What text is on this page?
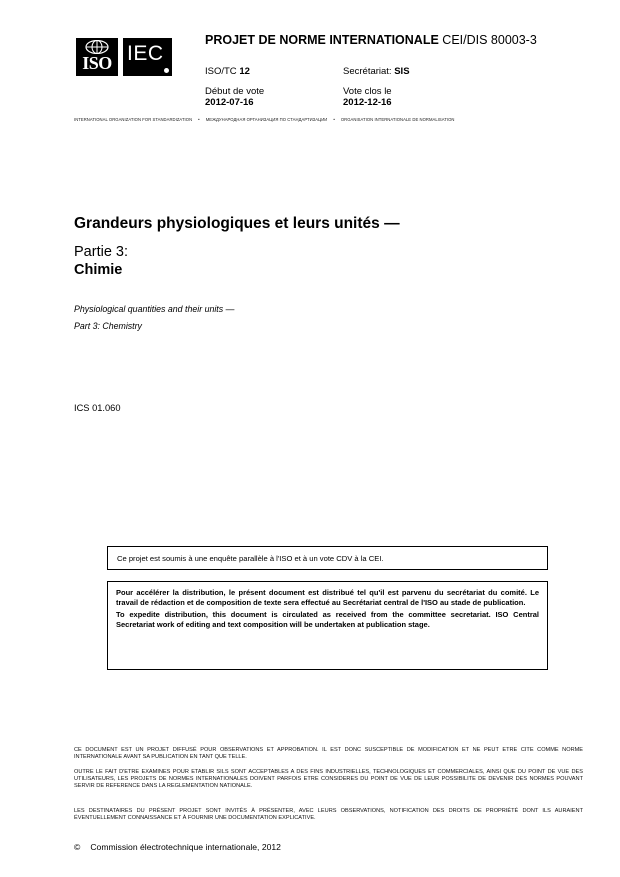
ISO IEC
PROJET DE NORME INTERNATIONALE CEI/DIS 80003-3
ISO/TC 12	Secrétariat: SIS
Début de vote
2012-07-16
Vote clos le
2012-12-16
INTERNATIONAL ORGANIZATION FOR STANDARDIZATION • МЕЖДУНАРОДНАЯ ОРГАНИЗАЦИЯ ПО СТАНДАРТИЗАЦИИ • ORGANISATION INTERNATIONALE DE NORMALISATION
Grandeurs physiologiques et leurs unités —
Partie 3:
Chimie
Physiological quantities and their units —
Part 3: Chemistry
ICS 01.060
Ce projet est soumis à une enquête parallèle à l'ISO et à un vote CDV à la CEI.

Pour accélérer la distribution, le présent document est distribué tel qu'il est parvenu du secrétariat du comité. Le travail de rédaction et de composition de texte sera effectué au Secrétariat central de l'ISO au stade de publication.

To expedite distribution, this document is circulated as received from the committee secretariat. ISO Central Secretariat work of editing and text composition will be undertaken at publication stage.

CE DOCUMENT EST UN PROJET DIFFUSÉ POUR OBSERVATIONS ET APPROBATION. IL EST DONC SUSCEPTIBLE DE MODIFICATION ET NE PEUT ETRE CITE COMME NORME INTERNATIONALE AVANT SA PUBLICATION EN TANT QUE TELLE.
OUTRE LE FAIT D'ETRE EXAMINES POUR ETABLIR SILS SONT ACCEPTABLES A DES FINS INDUSTRIELLES, TECHNOLOGIQUES ET COMMERCIALES, AINSI QUE DU POINT DE VUE DES UTILISATEURS, LES PROJETS DE NORMES INTERNATIONALES DOIVENT PARFOIS ETRE CONSIDERES DU POINT DE VUE DE LEUR POSSIBILITE DE DEVENIR DES NORMES POUVANT SERVIR DE REFERENCE DANS LA REGLEMENTATION NATIONALE.
LES DESTINATAIRES DU PRÉSENT PROJET SONT INVITÉS À PRÉSENTER, AVEC LEURS OBSERVATIONS, NOTIFICATION DES DROITS DE PROPRIÉTÉ DONT ILS AURAIENT ÉVENTUELLEMENT CONNAISSANCE ET À FOURNIR UNE DOCUMENTATION EXPLICATIVE.
© Commission électrotechnique internationale, 2012
